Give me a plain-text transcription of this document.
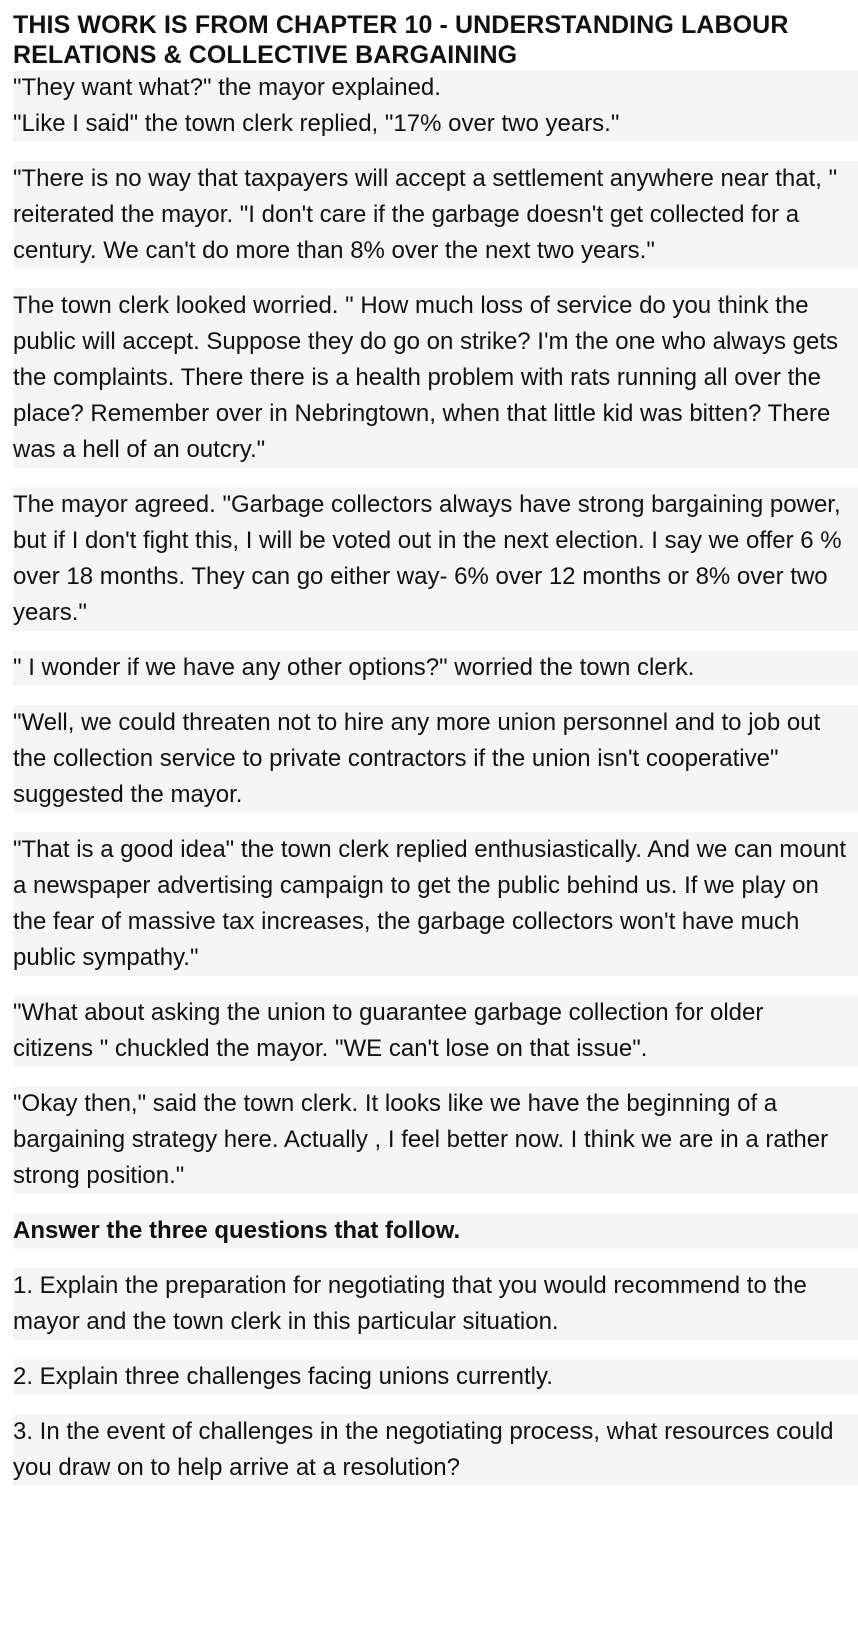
THIS WORK IS FROM CHAPTER 10 - UNDERSTANDING LABOUR RELATIONS & COLLECTIVE BARGAINING

"They want what?" the mayor explained.

"Like I said" the town clerk replied, "17% over two years."

"There is no way that taxpayers will accept a settlement anywhere near that, " reiterated the mayor. "I don't care if the garbage doesn't get collected for a century. We can't do more than 8% over the next two years."

The town clerk looked worried. " How much loss of service do you think the public will accept. Suppose they do go on strike? I'm the one who always gets the complaints. There there is a health problem with rats running all over the place? Remember over in Nebringtown, when that little kid was bitten? There was a hell of an outcry."

The mayor agreed. "Garbage collectors always have strong bargaining power, but if I don't fight this, I will be voted out in the next election. I say we offer 6 % over 18 months. They can go either way- 6% over 12 months or 8% over two years."

" I wonder if we have any other options?" worried the town clerk.

"Well, we could threaten not to hire any more union personnel and to job out the collection service to private contractors if the union isn't cooperative" suggested the mayor.

"That is a good idea" the town clerk replied enthusiastically. And we can mount a newspaper advertising campaign to get the public behind us. If we play on the fear of massive tax increases, the garbage collectors won't have much public sympathy."

"What about asking the union to guarantee garbage collection for older citizens " chuckled the mayor. "WE can't lose on that issue".

"Okay then," said the town clerk. It looks like we have the beginning of a bargaining strategy here. Actually , I feel better now. I think we are in a rather strong position."

Answer the three questions that follow.

1. Explain the preparation for negotiating that you would recommend to the mayor and the town clerk in this particular situation.

2. Explain three challenges facing unions currently.

3. In the event of challenges in the negotiating process, what resources could you draw on to help arrive at a resolution?
